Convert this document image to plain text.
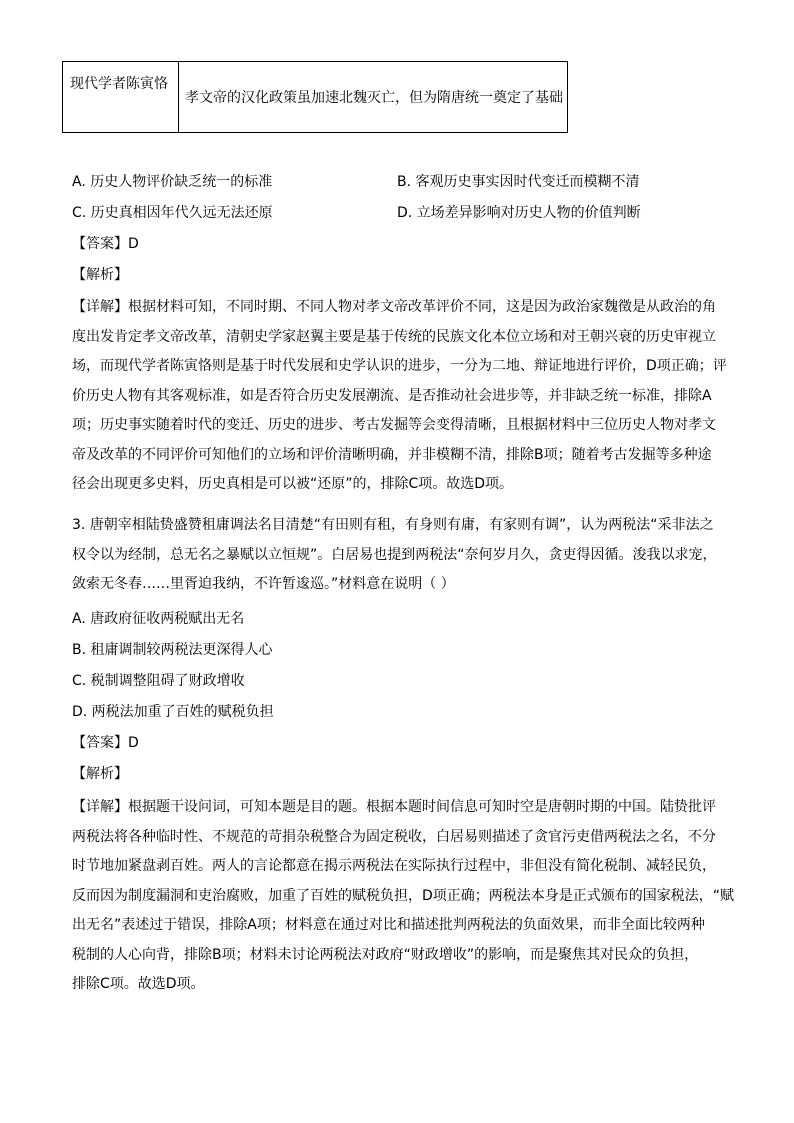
现代学者陈寅恪
孝文帝的汉化政策虽加速北魏灭亡，但为隋唐统一奠定了基础
A. 历史人物评价缺乏统一的标准	B. 客观历史事实因时代变迁而模糊不清
C. 历史真相因年代久远无法还原	D. 立场差异影响对历史人物的价值判断
【答案】D
【解析】
【详解】根据材料可知，不同时期、不同人物对孝文帝改革评价不同，这是因为政治家魏徵是从政治的角
度出发肯定孝文帝改革，清朝史学家赵翼主要是基于传统的民族文化本位立场和对王朝兴衰的历史审视立
场，而现代学者陈寅恪则是基于时代发展和史学认识的进步，一分为二地、辩证地进行评价，D项正确；评
价历史人物有其客观标准，如是否符合历史发展潮流、是否推动社会进步等，并非缺乏统一标准，排除A
项；历史事实随着时代的变迁、历史的进步、考古发掘等会变得清晰，且根据材料中三位历史人物对孝文
帝及改革的不同评价可知他们的立场和评价清晰明确，并非模糊不清，排除B项；随着考古发掘等多种途
径会出现更多史料，历史真相是可以被“还原”的，排除C项。故选D项。
3. 唐朝宰相陆贽盛赞租庸调法名目清楚“有田则有租，有身则有庸，有家则有调”，认为两税法“采非法之
权令以为经制，总无名之暴赋以立恒规”。白居易也提到两税法“奈何岁月久，贪吏得因循。浚我以求宠，
敛索无冬春……里胥迫我纳，不许暂逡巡。”材料意在说明（ ）
A. 唐政府征收两税赋出无名
B. 租庸调制较两税法更深得人心
C. 税制调整阻碍了财政增收
D. 两税法加重了百姓的赋税负担
【答案】D
【解析】
【详解】根据题干设问词，可知本题是目的题。根据本题时间信息可知时空是唐朝时期的中国。陆贽批评
两税法将各种临时性、不规范的苛捐杂税整合为固定税收，白居易则描述了贪官污吏借两税法之名，不分
时节地加紧盘剥百姓。两人的言论都意在揭示两税法在实际执行过程中，非但没有简化税制、减轻民负，
反而因为制度漏洞和吏治腐败，加重了百姓的赋税负担，D项正确；两税法本身是正式颁布的国家税法，“赋
出无名”表述过于错误，排除A项；材料意在通过对比和描述批判两税法的负面效果，而非全面比较两种
税制的人心向背，排除B项；材料未讨论两税法对政府“财政增收”的影响，而是聚焦其对民众的负担，
排除C项。故选D项。
